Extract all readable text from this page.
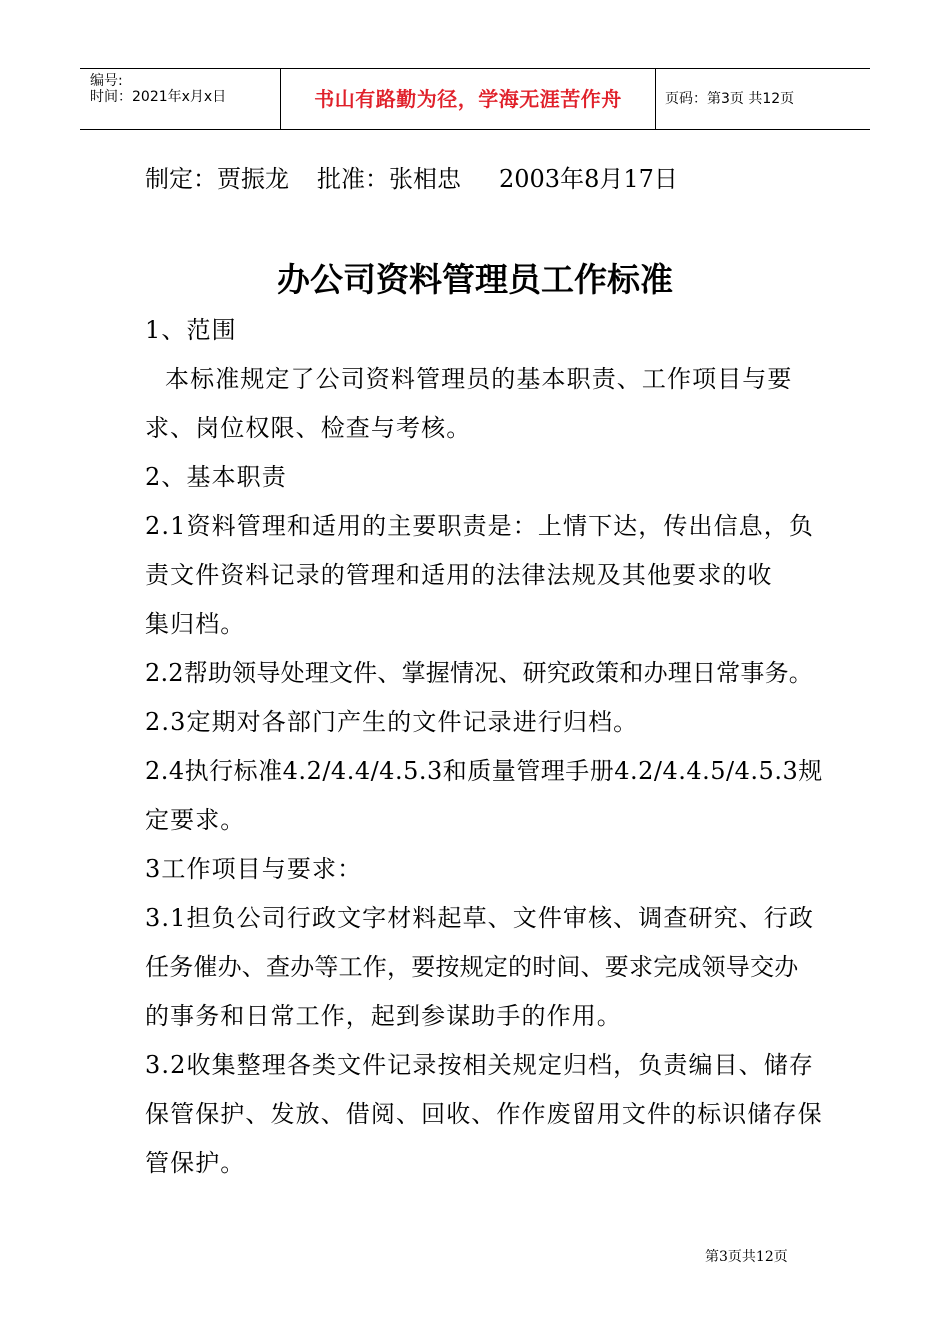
编号:
时间：2021年x月x日	书山有路勤为径，学海无涯苦作舟	页码：第3页 共12页
制定：贾振龙 批准：张相忠 2003年8月17日
办公司资料管理员工作标准
1、范围
本标准规定了公司资料管理员的基本职责、工作项目与要
求、岗位权限、检查与考核。
2、基本职责
2.1资料管理和适用的主要职责是：上情下达，传出信息，负
责文件资料记录的管理和适用的法律法规及其他要求的收
集归档。
2.2帮助领导处理文件、掌握情况、研究政策和办理日常事务。
2.3定期对各部门产生的文件记录进行归档。
2.4执行标准4.2/4.4/4.5.3和质量管理手册4.2/4.4.5/4.5.3规
定要求。
3工作项目与要求：
3.1担负公司行政文字材料起草、文件审核、调查研究、行政
任务催办、查办等工作，要按规定的时间、要求完成领导交办
的事务和日常工作，起到参谋助手的作用。
3.2收集整理各类文件记录按相关规定归档，负责编目、储存
保管保护、发放、借阅、回收、作作废留用文件的标识储存保
管保护。
第3页共12页
